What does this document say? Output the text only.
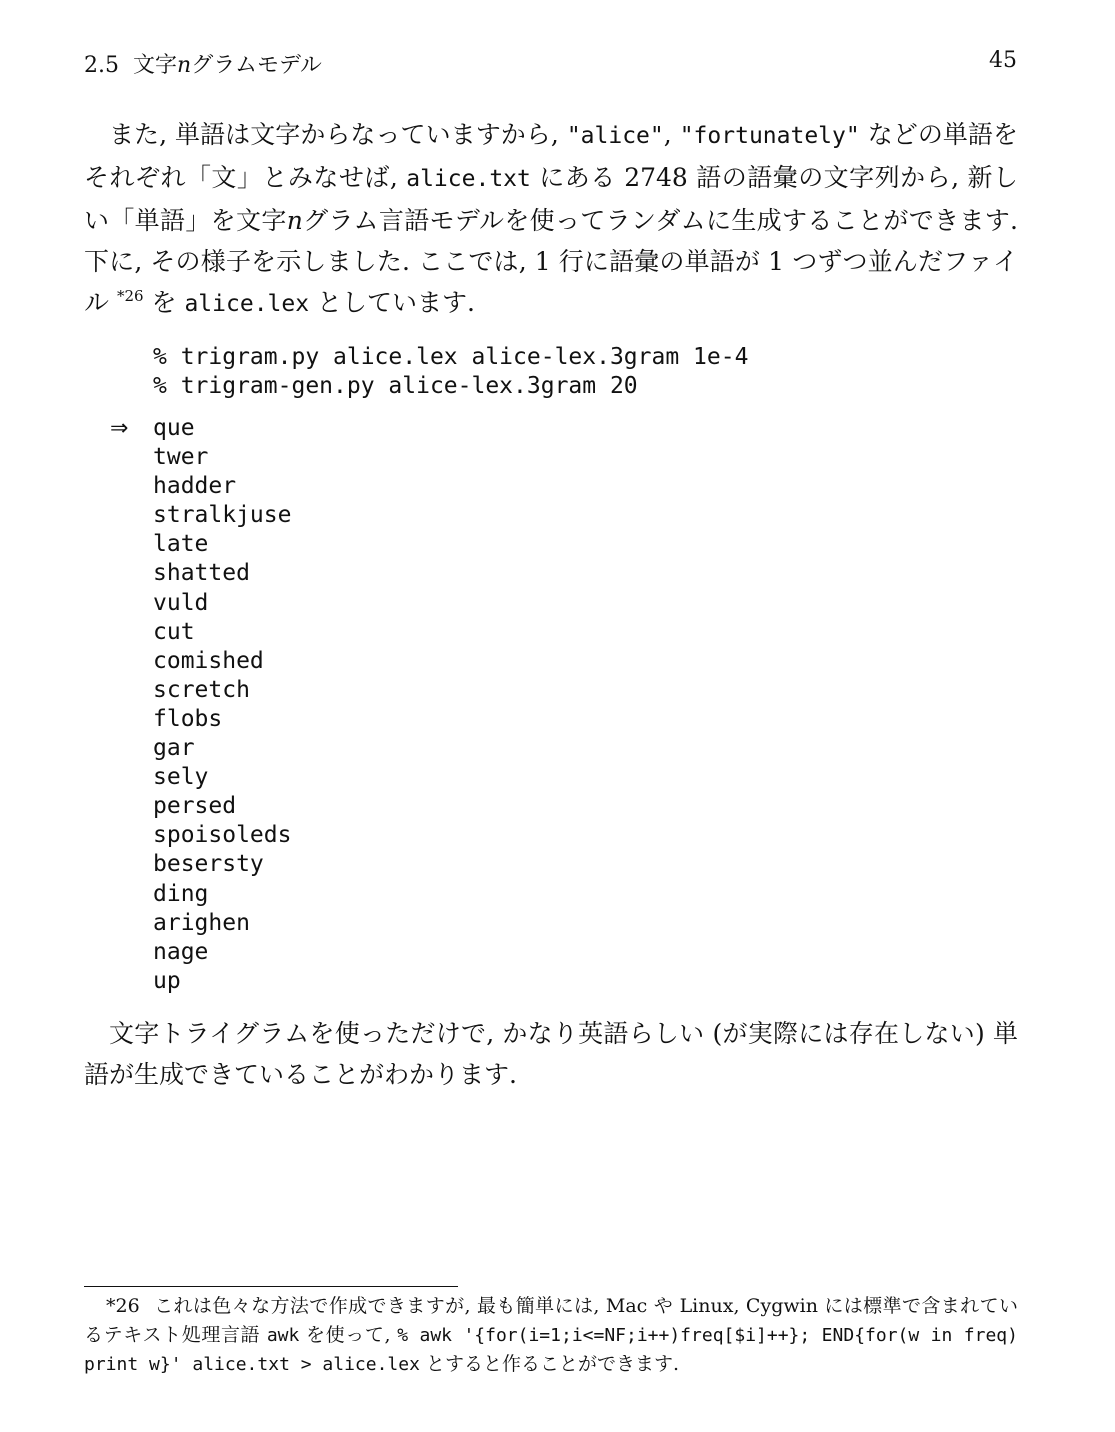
2.5 文字nグラムモデル	45

また, 単語は文字からなっていますから, "alice", "fortunately" などの単語をそれぞれ「文」とみなせば, alice.txt にある 2748 語の語彙の文字列から, 新しい「単語」を文字nグラム言語モデルを使ってランダムに生成することができます. 下に, その様子を示しました. ここでは, 1 行に語彙の単語が 1 つずつ並んだファイル $^{*26}$ を alice.lex としています.

% trigram.py alice.lex alice-lex.3gram 1e-4
% trigram-gen.py alice-lex.3gram 20
⇒ que
twer
hadder
stralkjuse
late
shatted
vuld
cut
comished
scretch
flobs
gar
sely
persed
spoisoleds
besersty
ding
arighen
nage
up

文字トライグラムを使っただけで, かなり英語らしい (が実際には存在しない) 単語が生成できていることがわかります.

*26 これは色々な方法で作成できますが, 最も簡単には, Mac や Linux, Cygwin には標準で含まれているテキスト処理言語 awk を使って, % awk '{for(i=1;i<=NF;i++)freq[$i]++}; END{for(w in freq) print w}' alice.txt > alice.lex とすると作ることができます.
